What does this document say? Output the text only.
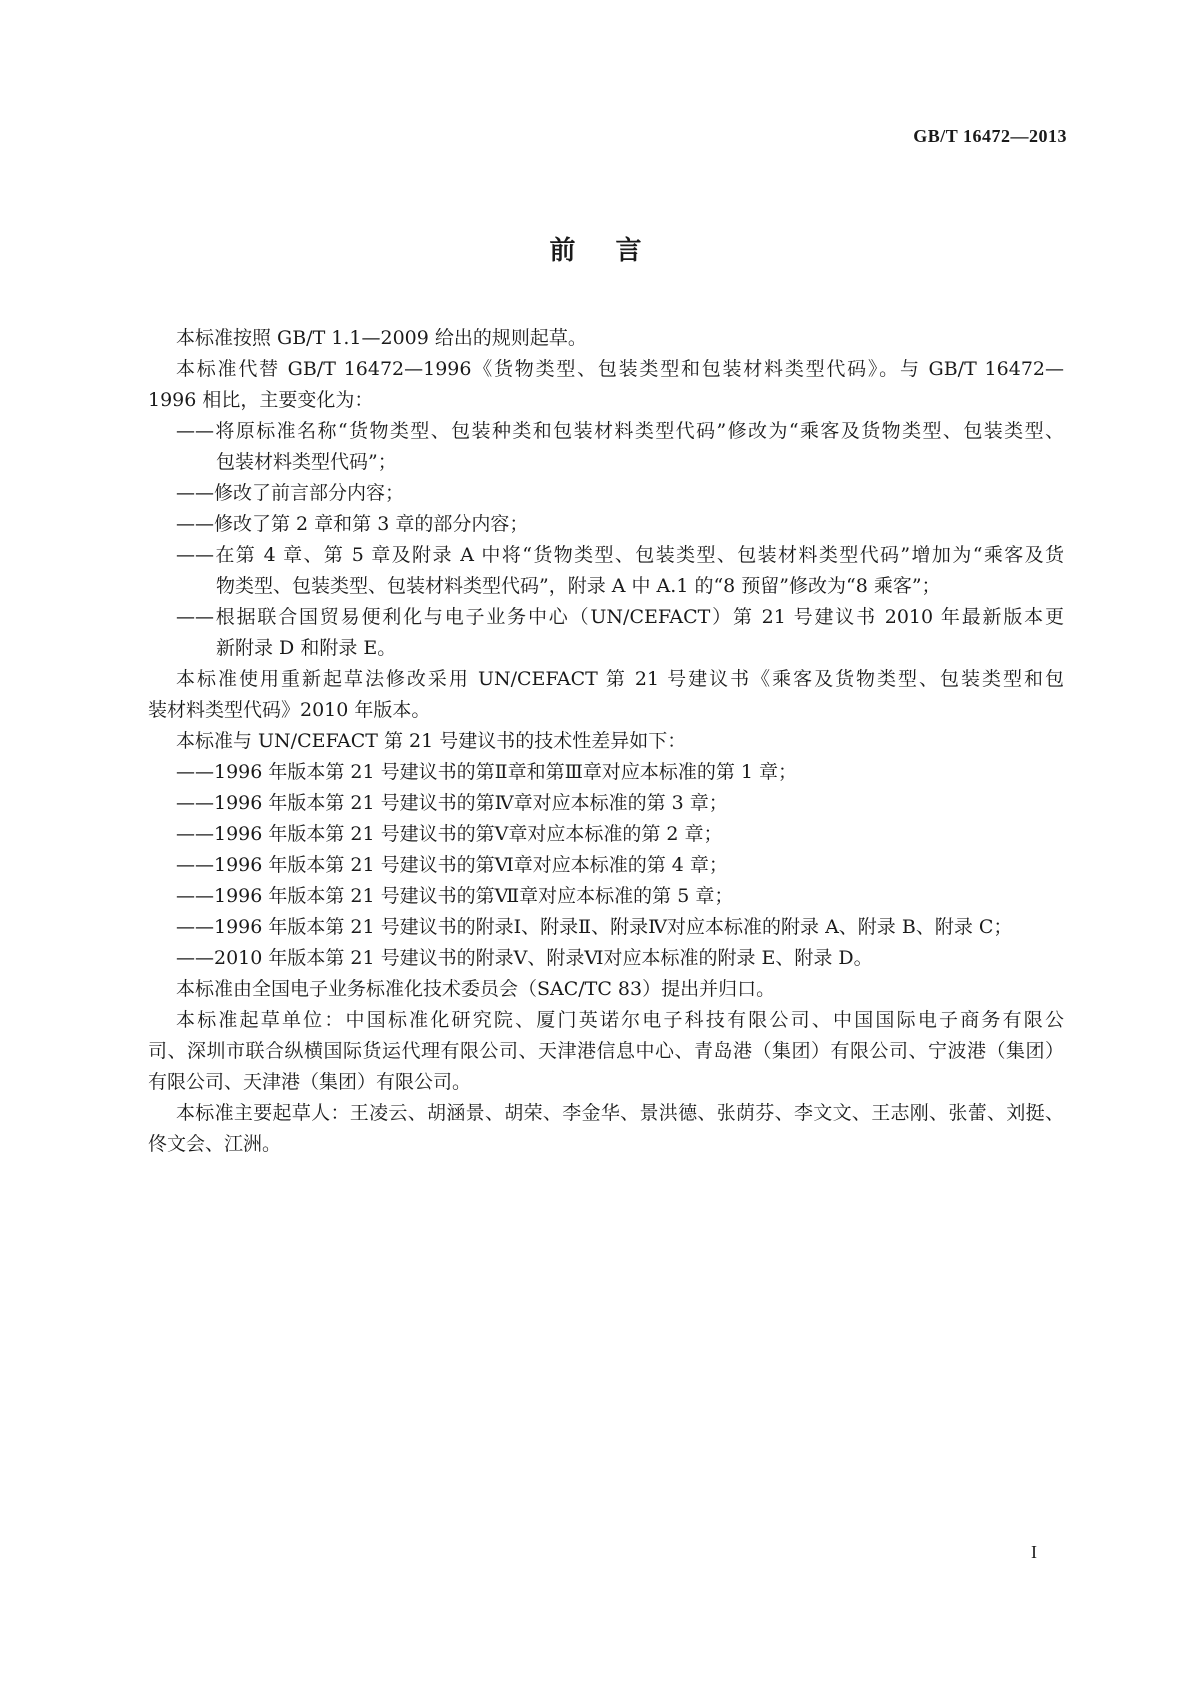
GB/T 16472—2013
前言
本标准按照 GB/T 1.1—2009 给出的规则起草。
本标准代替 GB/T 16472—1996《货物类型、包装类型和包装材料类型代码》。与 GB/T 16472—
1996 相比，主要变化为：
——将原标准名称“货物类型、包装种类和包装材料类型代码”修改为“乘客及货物类型、包装类型、
包装材料类型代码”；
——修改了前言部分内容；
——修改了第 2 章和第 3 章的部分内容；
——在第 4 章、第 5 章及附录 A 中将“货物类型、包装类型、包装材料类型代码”增加为“乘客及货
物类型、包装类型、包装材料类型代码”，附录 A 中 A.1 的“8 预留”修改为“8 乘客”；
——根据联合国贸易便利化与电子业务中心（UN/CEFACT）第 21 号建议书 2010 年最新版本更
新附录 D 和附录 E。
本标准使用重新起草法修改采用 UN/CEFACT 第 21 号建议书《乘客及货物类型、包装类型和包
装材料类型代码》2010 年版本。
本标准与 UN/CEFACT 第 21 号建议书的技术性差异如下：
——1996 年版本第 21 号建议书的第Ⅱ章和第Ⅲ章对应本标准的第 1 章；
——1996 年版本第 21 号建议书的第Ⅳ章对应本标准的第 3 章；
——1996 年版本第 21 号建议书的第Ⅴ章对应本标准的第 2 章；
——1996 年版本第 21 号建议书的第Ⅵ章对应本标准的第 4 章；
——1996 年版本第 21 号建议书的第Ⅶ章对应本标准的第 5 章；
——1996 年版本第 21 号建议书的附录Ⅰ、附录Ⅱ、附录Ⅳ对应本标准的附录 A、附录 B、附录 C；
——2010 年版本第 21 号建议书的附录Ⅴ、附录Ⅵ对应本标准的附录 E、附录 D。
本标准由全国电子业务标准化技术委员会（SAC/TC 83）提出并归口。
本标准起草单位：中国标准化研究院、厦门英诺尔电子科技有限公司、中国国际电子商务有限公
司、深圳市联合纵横国际货运代理有限公司、天津港信息中心、青岛港（集团）有限公司、宁波港（集团）
有限公司、天津港（集团）有限公司。
本标准主要起草人：王凌云、胡涵景、胡荣、李金华、景洪德、张荫芬、李文文、王志刚、张蕾、刘挺、
佟文会、江洲。
I
